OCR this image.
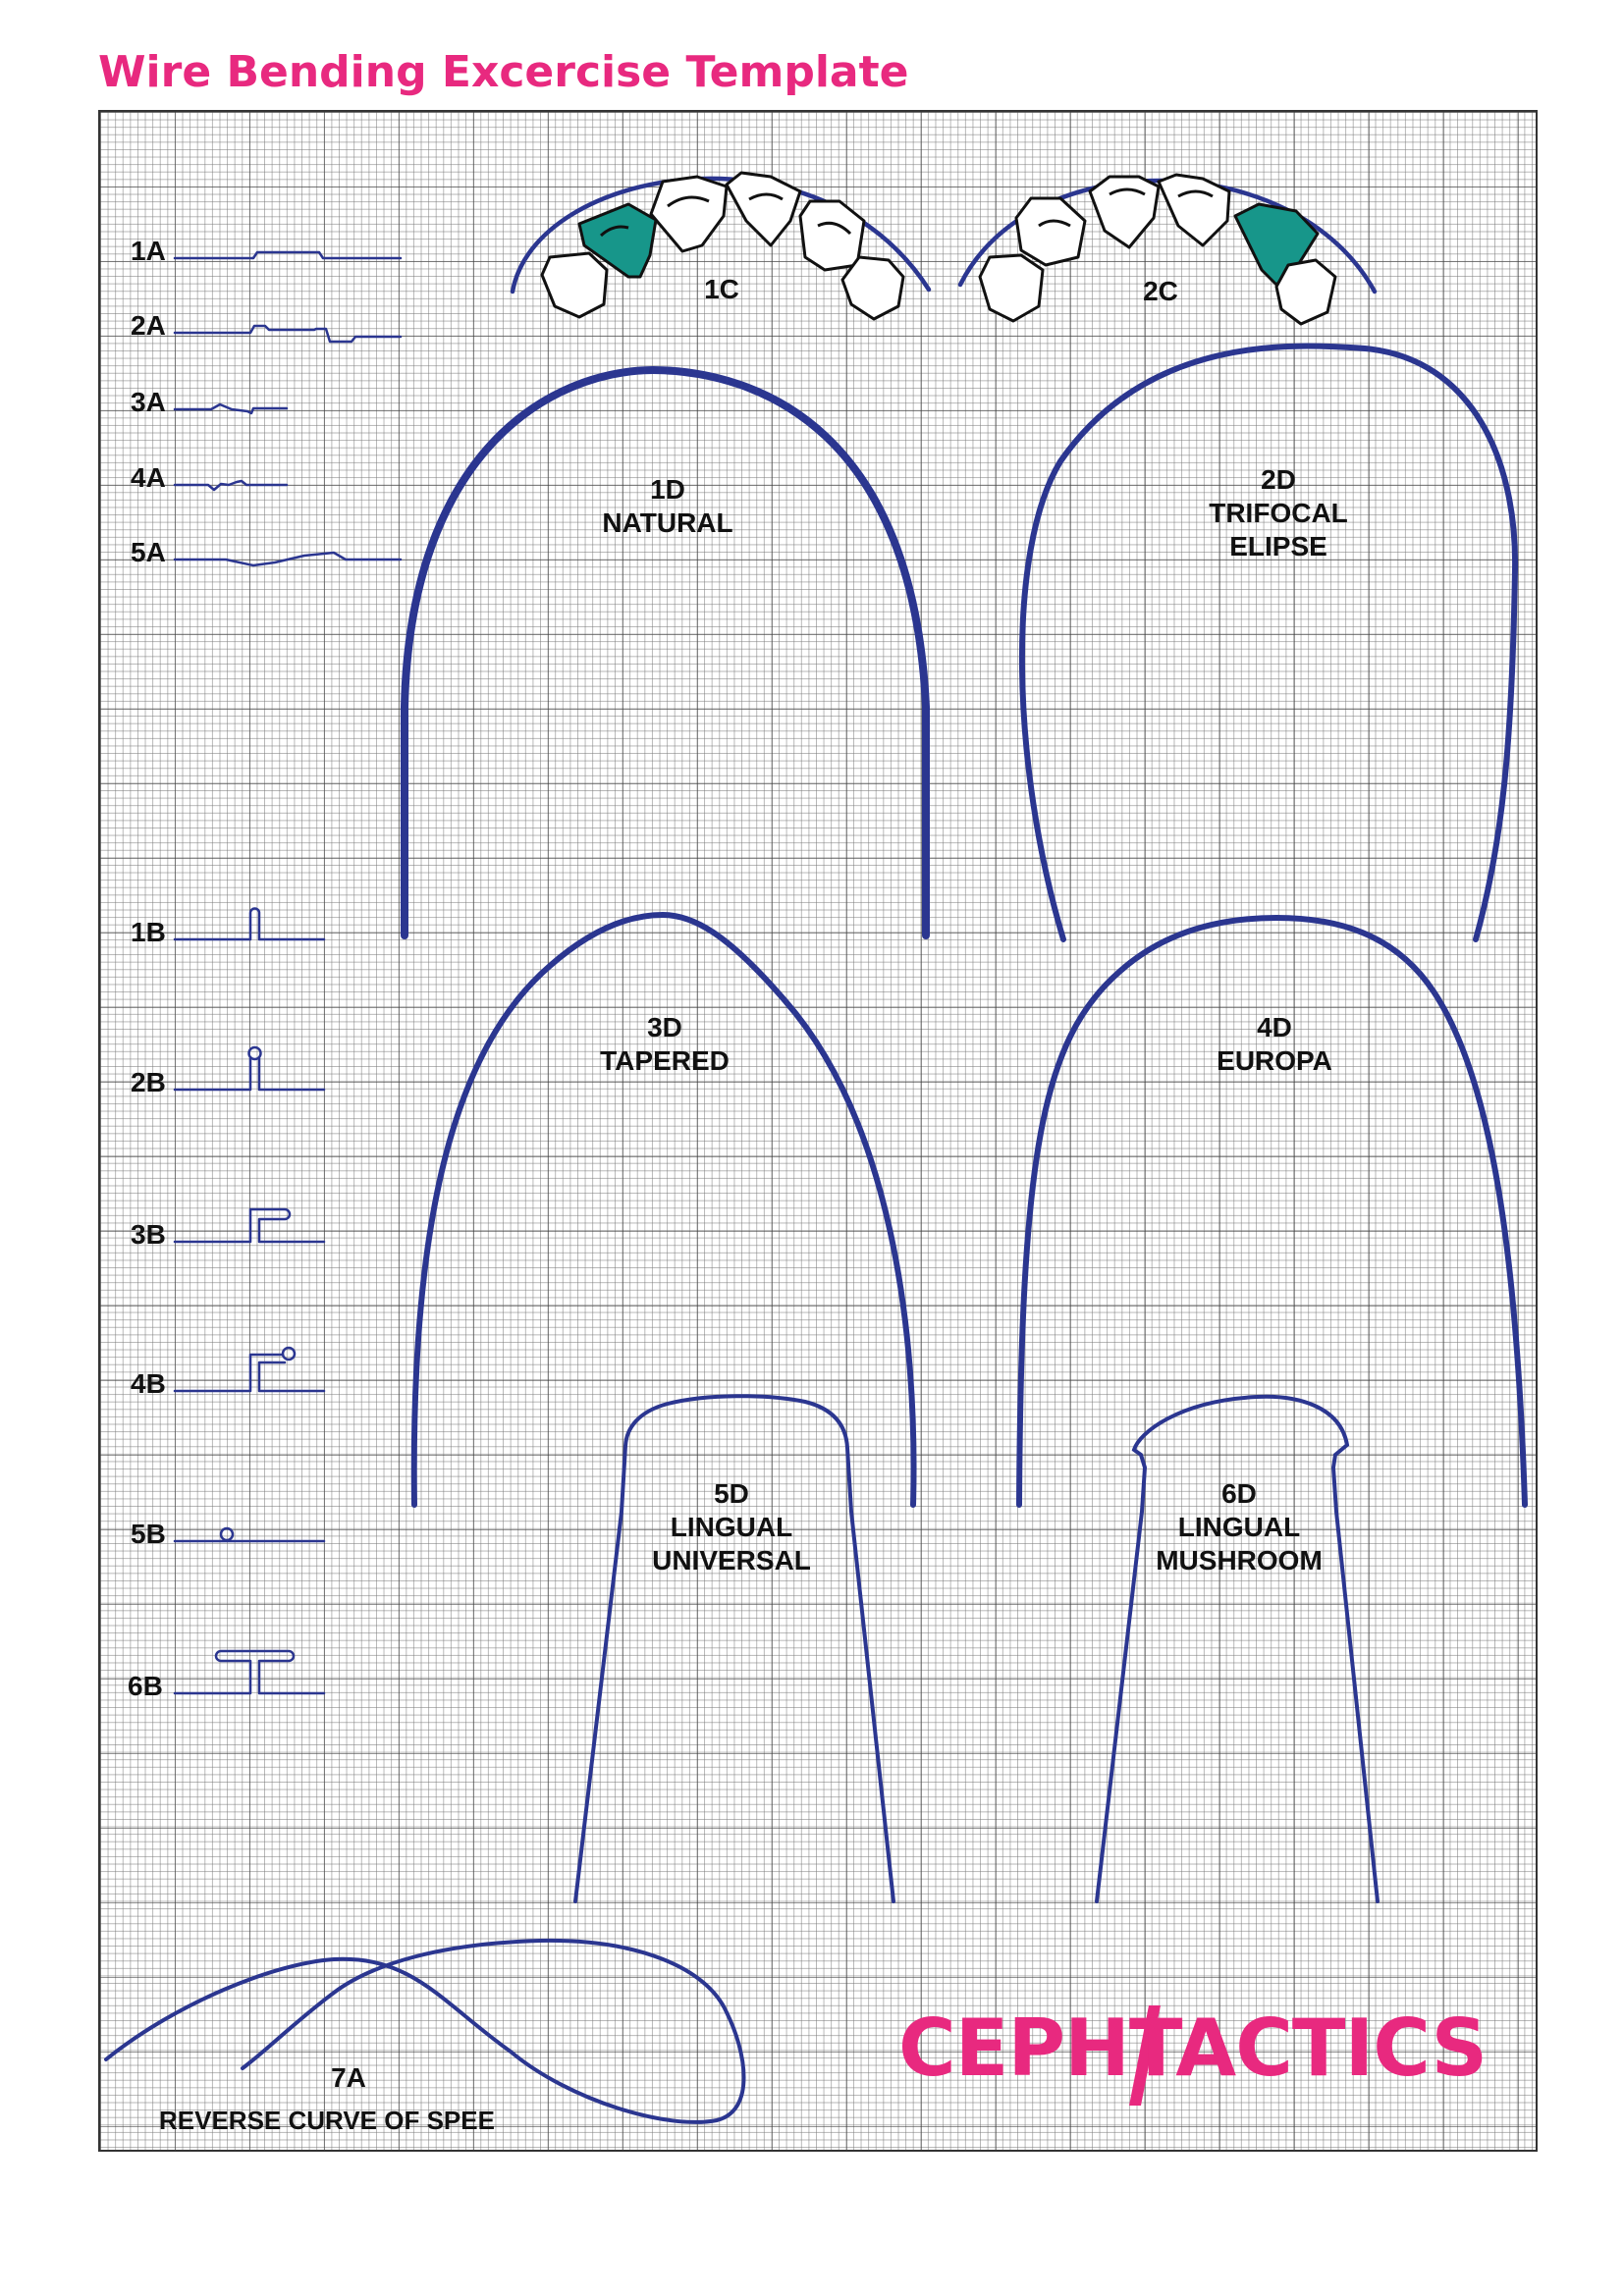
Wire Bending Excercise Template
1A
2A
3A
4A
5A
1B
2B
3B
4B
5B
6B
1C	2C
1D
NATURAL
2D
TRIFOCAL
ELIPSE
3D
TAPERED
4D
EUROPA
5D
LINGUAL
UNIVERSAL
6D
LINGUAL
MUSHROOM
7A
REVERSE CURVE OF SPEE
CEPHTACTICS
